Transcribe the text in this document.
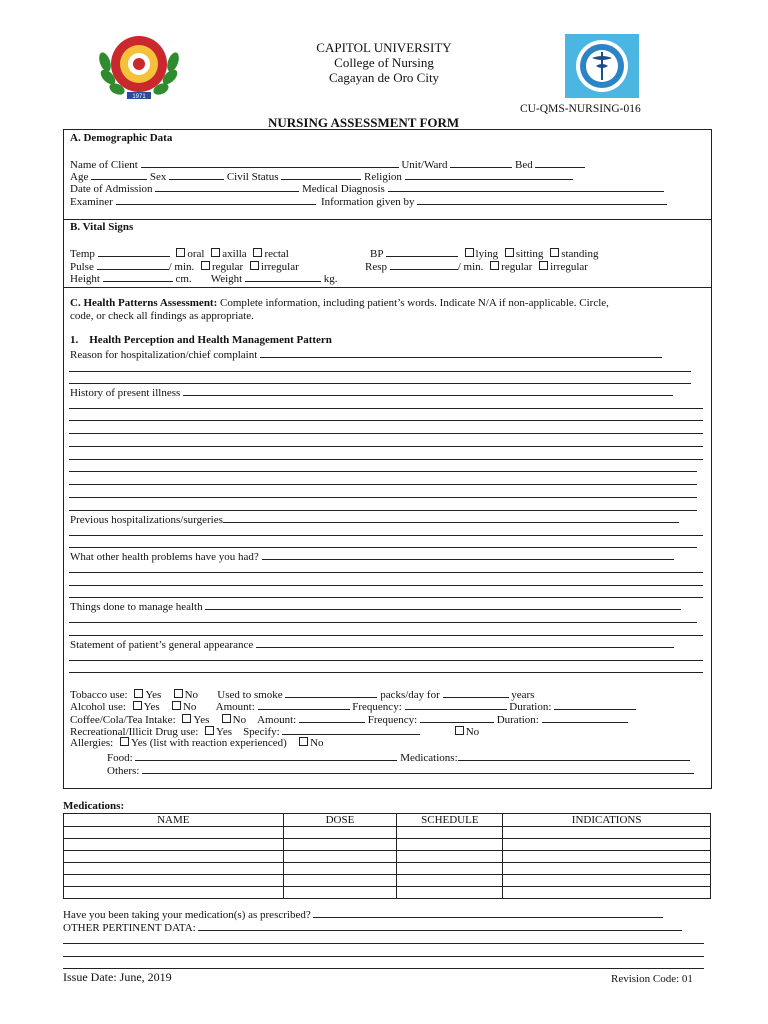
1971
CAPITOL UNIVERSITY
College of Nursing
Cagayan de Oro City
CU-QMS-NURSING-016
NURSING ASSESSMENT FORM
A. Demographic Data
Name of Client	Unit/Ward	Bed
Age	Sex	Civil Status	Religion
Date of Admission	Medical Diagnosis
Examiner	Information given by
B. Vital Signs
Temp	oral axilla rectal	BP	lying sitting standing
Pulse	/ min. regular irregular	Resp	/ min. regular irregular
Height	cm. Weight	kg.
C. Health Patterns Assessment: Complete information, including patient’s words. Indicate N/A if non-applicable. Circle,
code, or check all findings as appropriate.
1. Health Perception and Health Management Pattern
Reason for hospitalization/chief complaint
History of present illness
Previous hospitalizations/surgeries
What other health problems have you had?
Things done to manage health
Statement of patient’s general appearance
Tobacco use: Yes No Used to smoke	packs/day for	years
Alcohol use: Yes No Amount:	Frequency:	Duration:
Coffee/Cola/Tea Intake: Yes No Amount:	Frequency:	Duration:
Recreational/Illicit Drug use: Yes Specify:	No
Allergies: Yes (list with reaction experienced) No
Food:	Medications:
Others:
Medications:
NAME	DOSE	SCHEDULE	INDICATIONS

Have you been taking your medication(s) as prescribed?
OTHER PERTINENT DATA:
Issue Date: June, 2019	Revision Code: 01
